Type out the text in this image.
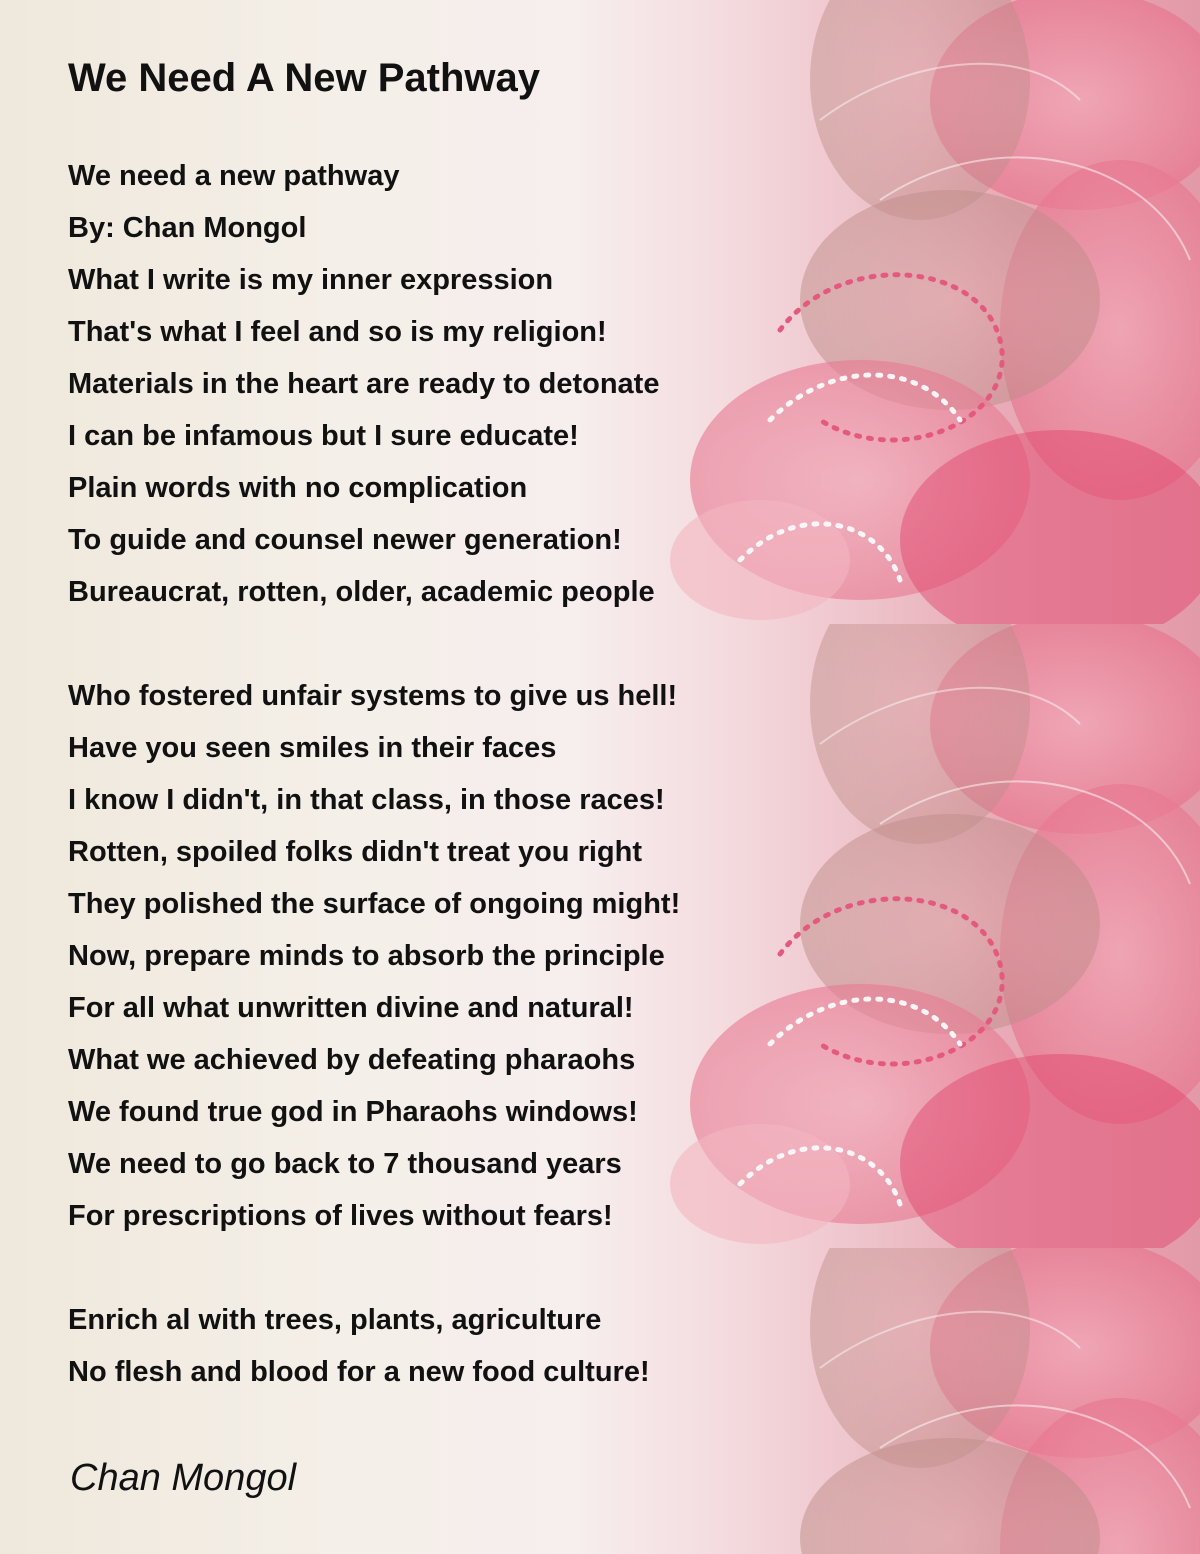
We Need A New Pathway
We need a new pathway
By: Chan Mongol
What I write is my inner expression
That's what I feel and so is my religion!
Materials in the heart are ready to detonate
I can be infamous but I sure educate!
Plain words with no complication
To guide and counsel newer generation!
Bureaucrat, rotten, older, academic people
Who fostered unfair systems to give us hell!
Have you seen smiles in their faces
I know I didn't, in that class, in those races!
Rotten, spoiled folks didn't treat you right
They polished the surface of ongoing might!
Now, prepare minds to absorb the principle
For all what unwritten divine and natural!
What we achieved by defeating pharaohs
We found true god in Pharaohs windows!
We need to go back to 7 thousand years
For prescriptions of lives without fears!
Enrich al with trees, plants, agriculture
No flesh and blood for a new food culture!
Chan Mongol
